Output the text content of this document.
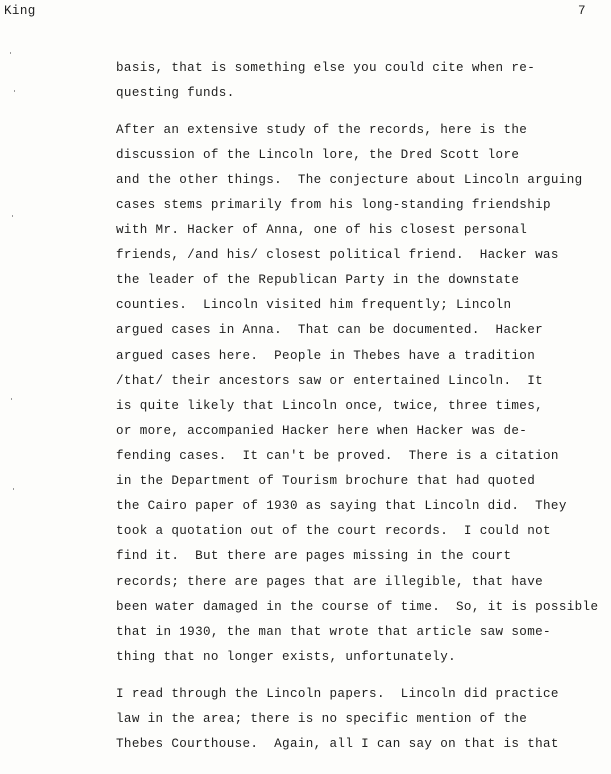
King	7

basis, that is something else you could cite when re-

questing funds.

After an extensive study of the records, here is the

discussion of the Lincoln lore, the Dred Scott lore

and the other things.  The conjecture about Lincoln arguing

cases stems primarily from his long-standing friendship

with Mr. Hacker of Anna, one of his closest personal

friends, /and his/ closest political friend.  Hacker was

the leader of the Republican Party in the downstate

counties.  Lincoln visited him frequently; Lincoln

argued cases in Anna.  That can be documented.  Hacker

argued cases here.  People in Thebes have a tradition

/that/ their ancestors saw or entertained Lincoln.  It

is quite likely that Lincoln once, twice, three times,

or more, accompanied Hacker here when Hacker was de-

fending cases.  It can't be proved.  There is a citation

in the Department of Tourism brochure that had quoted

the Cairo paper of 1930 as saying that Lincoln did.  They

took a quotation out of the court records.  I could not

find it.  But there are pages missing in the court

records; there are pages that are illegible, that have

been water damaged in the course of time.  So, it is possible

that in 1930, the man that wrote that article saw some-

thing that no longer exists, unfortunately.

I read through the Lincoln papers.  Lincoln did practice

law in the area; there is no specific mention of the

Thebes Courthouse.  Again, all I can say on that is that
